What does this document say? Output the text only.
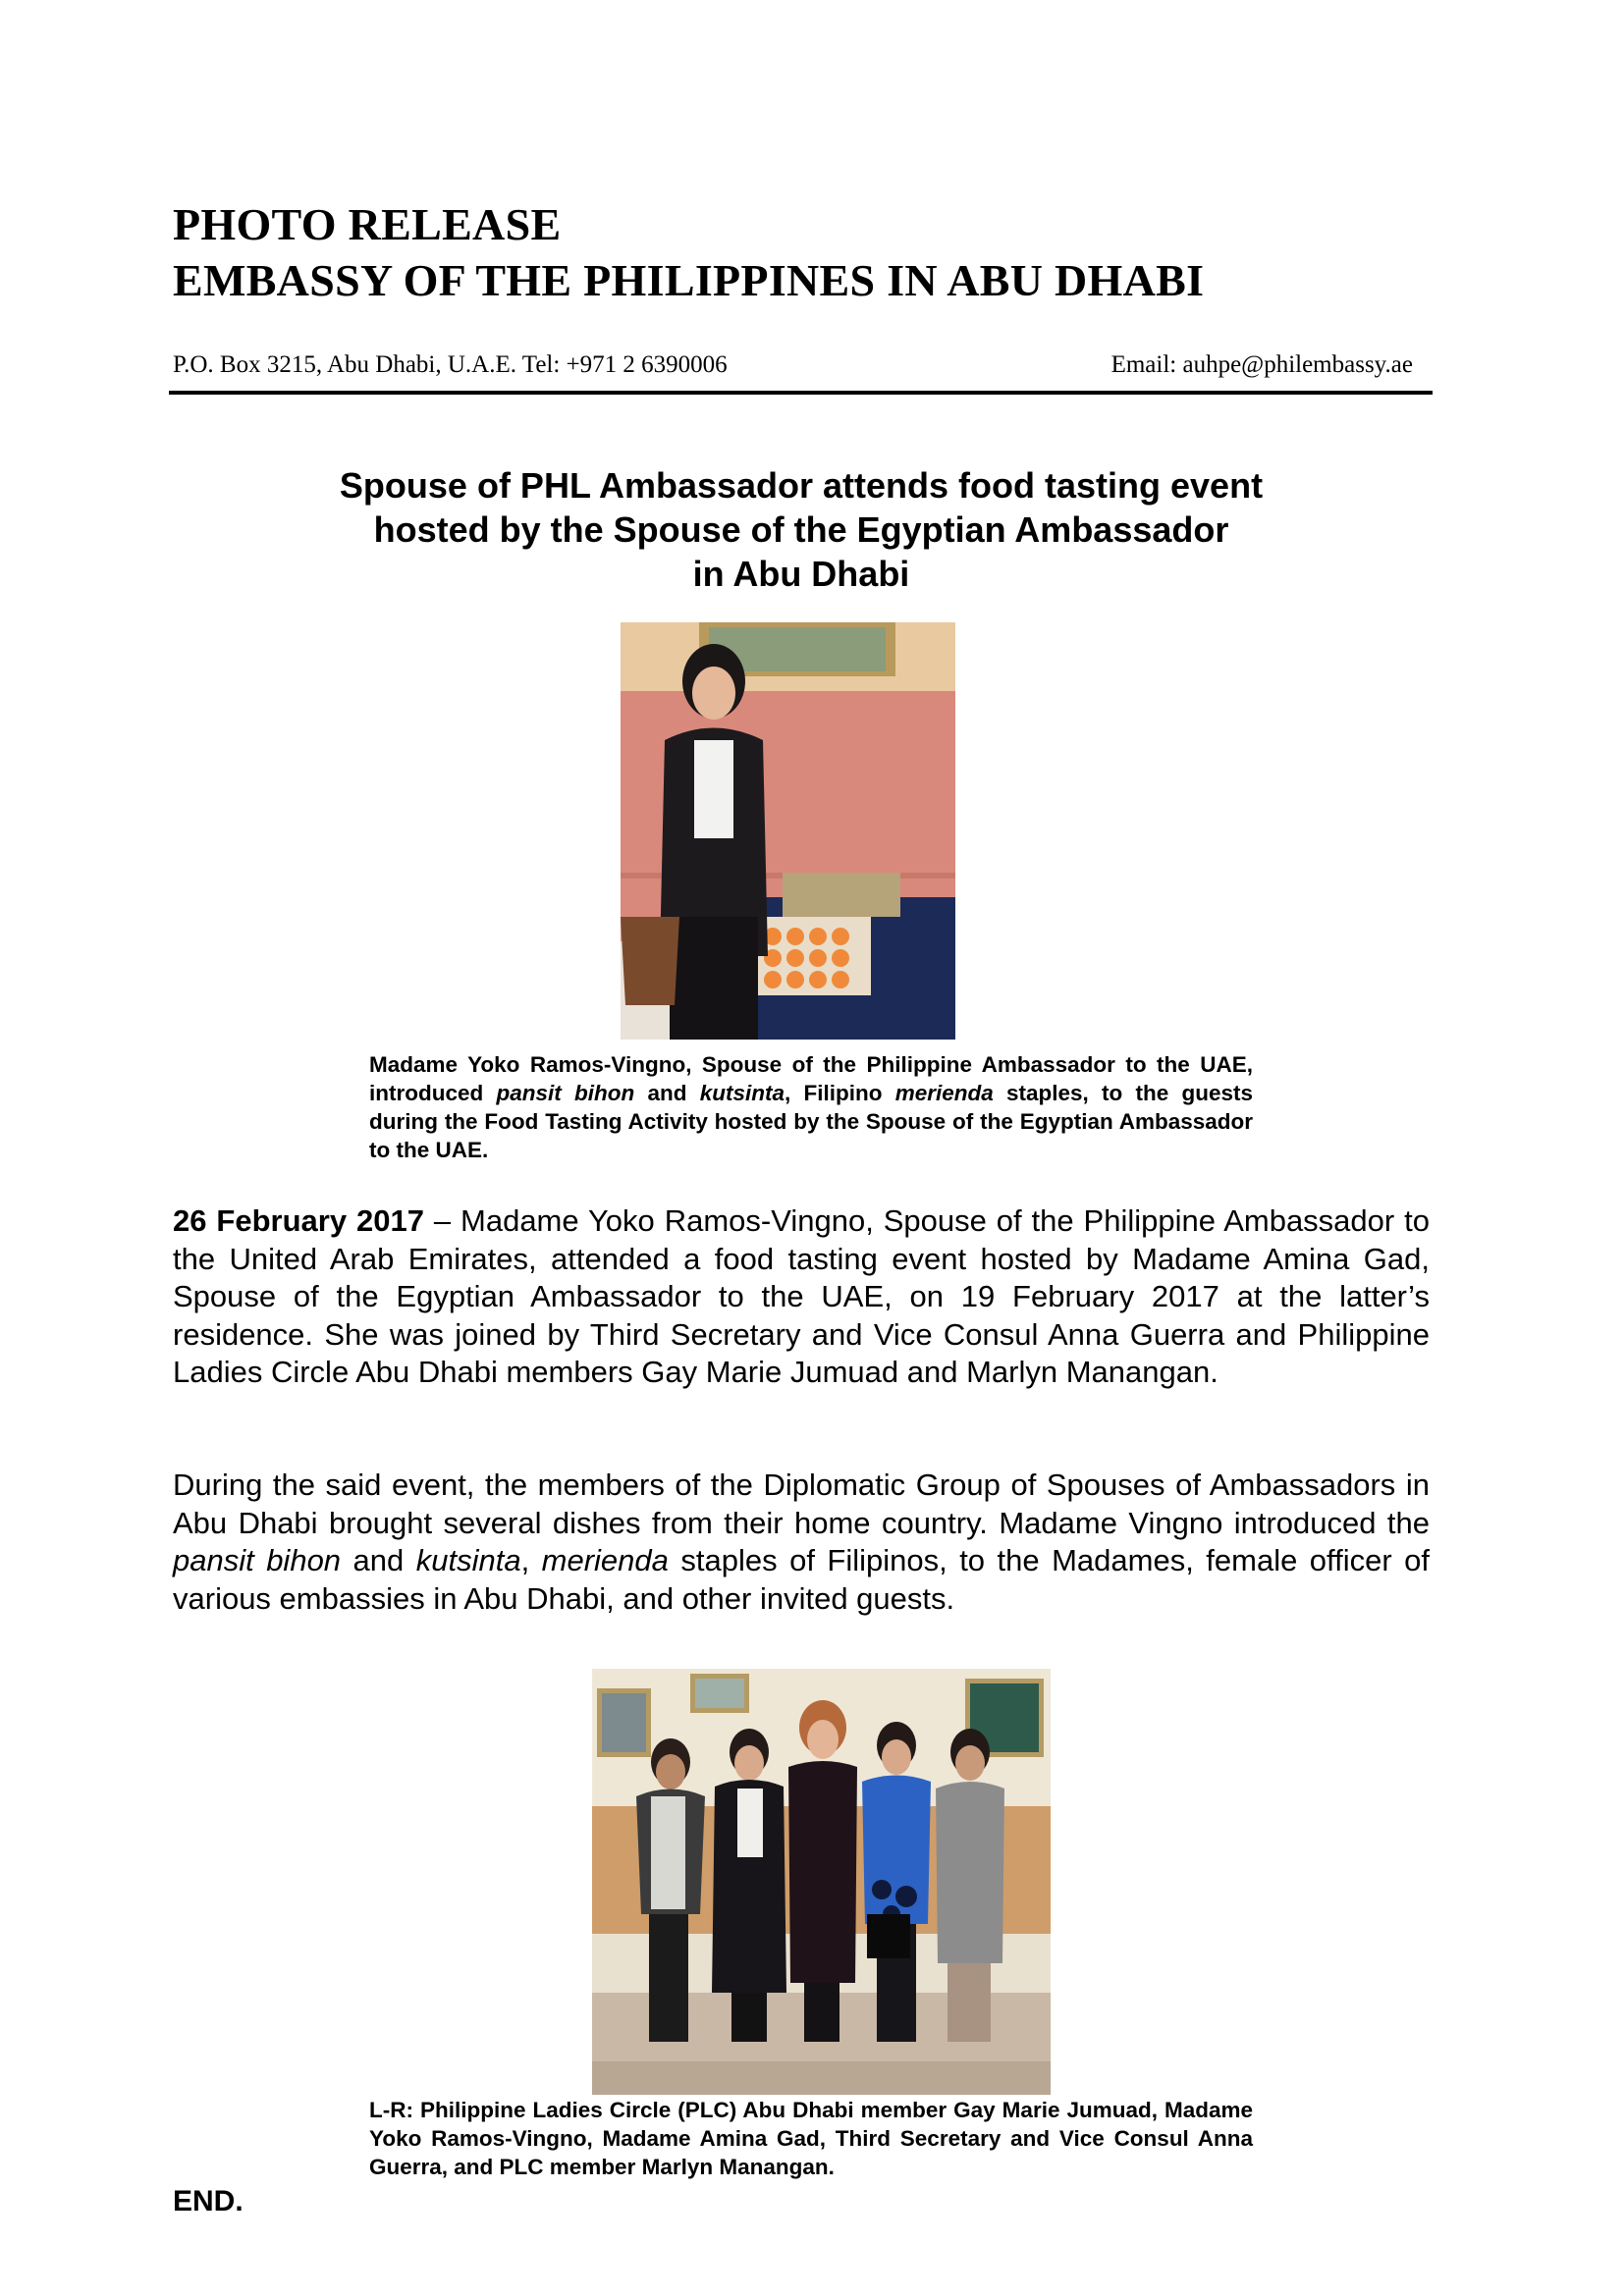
PHOTO RELEASE
EMBASSY OF THE PHILIPPINES IN ABU DHABI
P.O. Box 3215, Abu Dhabi, U.A.E. Tel: +971 2 6390006	Email: auhpe@philembassy.ae
Spouse of PHL Ambassador attends food tasting event
hosted by the Spouse of the Egyptian Ambassador
in Abu Dhabi
Madame Yoko Ramos-Vingno, Spouse of the Philippine Ambassador to the UAE, introduced pansit bihon and kutsinta, Filipino merienda staples, to the guests during the Food Tasting Activity hosted by the Spouse of the Egyptian Ambassador to the UAE.
26 February 2017 – Madame Yoko Ramos-Vingno, Spouse of the Philippine Ambassador to the United Arab Emirates, attended a food tasting event hosted by Madame Amina Gad, Spouse of the Egyptian Ambassador to the UAE, on 19 February 2017 at the latter’s residence. She was joined by Third Secretary and Vice Consul Anna Guerra and Philippine Ladies Circle Abu Dhabi members Gay Marie Jumuad and Marlyn Manangan.
During the said event, the members of the Diplomatic Group of Spouses of Ambassadors in Abu Dhabi brought several dishes from their home country. Madame Vingno introduced the pansit bihon and kutsinta, merienda staples of Filipinos, to the Madames, female officer of various embassies in Abu Dhabi, and other invited guests.
L-R: Philippine Ladies Circle (PLC) Abu Dhabi member Gay Marie Jumuad, Madame Yoko Ramos-Vingno, Madame Amina Gad, Third Secretary and Vice Consul Anna Guerra, and PLC member Marlyn Manangan.
END.
